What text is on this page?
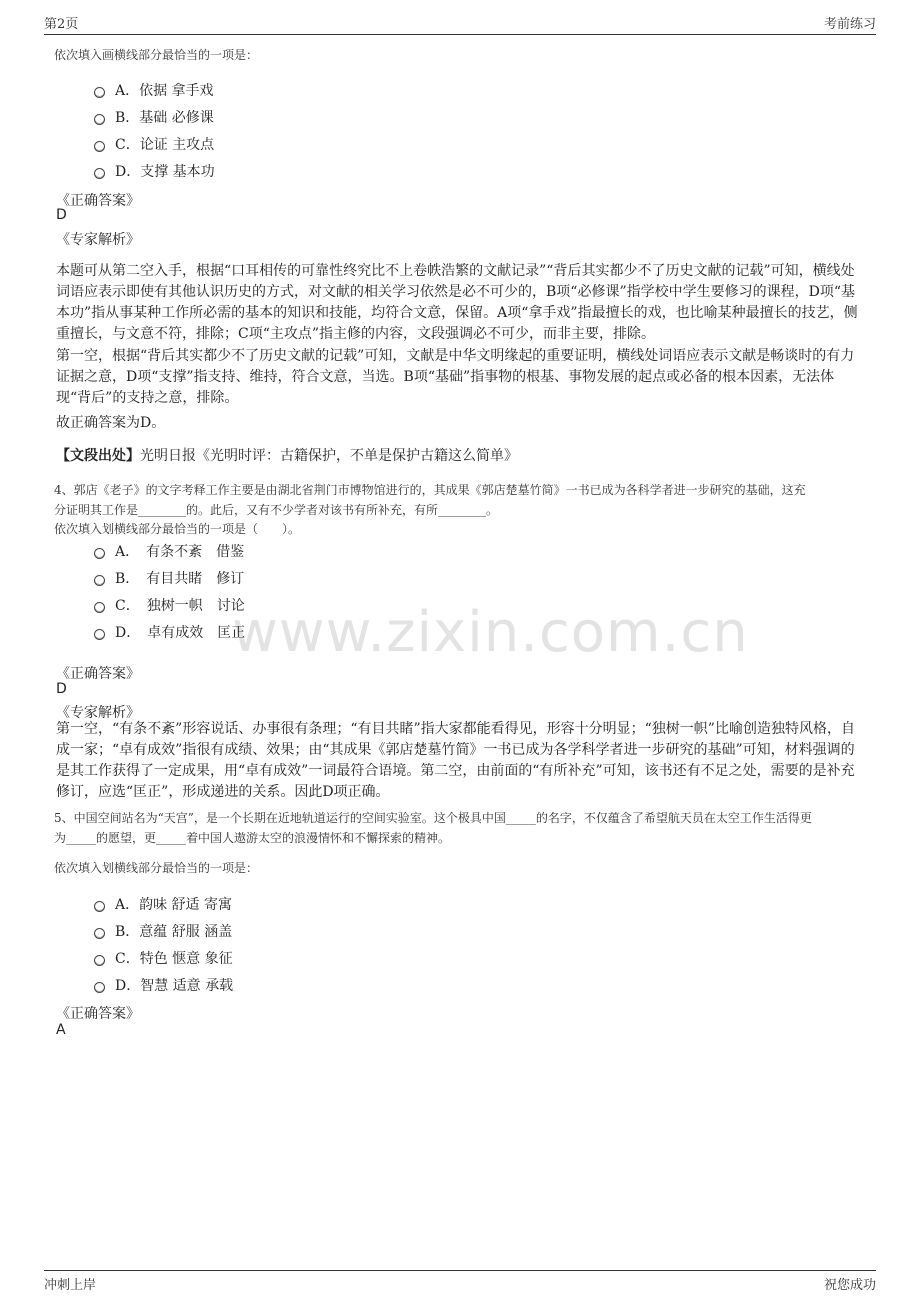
第2页	考前练习
www.zixin.com.cn
依次填入画横线部分最恰当的一项是：
A．依据 拿手戏
B．基础 必修课
C．论证 主攻点
D．支撑 基本功
《正确答案》
D
《专家解析》
本题可从第二空入手，根据“口耳相传的可靠性终究比不上卷帙浩繁的文献记录”“背后其实都少不了历史文献的记载”可知，横线处词语应表示即使有其他认识历史的方式，对文献的相关学习依然是必不可少的，B项“必修课”指学校中学生要修习的课程，D项“基本功”指从事某种工作所必需的基本的知识和技能，均符合文意，保留。A项“拿手戏”指最擅长的戏，也比喻某种最擅长的技艺，侧重擅长，与文意不符，排除；C项“主攻点”指主修的内容，文段强调必不可少，而非主要，排除。
第一空，根据“背后其实都少不了历史文献的记载”可知，文献是中华文明缘起的重要证明，横线处词语应表示文献是畅谈时的有力证据之意，D项“支撑”指支持、维持，符合文意，当选。B项“基础”指事物的根基、事物发展的起点或必备的根本因素，无法体现“背后”的支持之意，排除。
故正确答案为D。
【文段出处】光明日报《光明时评：古籍保护，不单是保护古籍这么简单》

4、郭店《老子》的文字考释工作主要是由湖北省荆门市博物馆进行的，其成果《郭店楚墓竹简》一书已成为各科学者进一步研究的基础，这充

分证明其工作是________的。此后，又有不少学者对该书有所补充，有所________。

依次填入划横线部分最恰当的一项是（　　）。
A．　有条不紊　借鉴
B．　有目共睹　修订
C．　独树一帜　讨论
D．　卓有成效　匡正
《正确答案》
D
《专家解析》
第一空，“有条不紊”形容说话、办事很有条理；“有目共睹”指大家都能看得见，形容十分明显；“独树一帜”比喻创造独特风格，自成一家；“卓有成效”指很有成绩、效果；由“其成果《郭店楚墓竹简》一书已成为各学科学者进一步研究的基础”可知，材料强调的是其工作获得了一定成果，用“卓有成效”一词最符合语境。第二空，由前面的“有所补充”可知，该书还有不足之处，需要的是补充修订，应选“匡正”，形成递进的关系。因此D项正确。

5、中国空间站名为“天宫”，是一个长期在近地轨道运行的空间实验室。这个极具中国_____的名字，不仅蕴含了希望航天员在太空工作生活得更

为_____的愿望，更_____着中国人遨游太空的浪漫情怀和不懈探索的精神。

依次填入划横线部分最恰当的一项是：
A．韵味 舒适 寄寓
B．意蕴 舒服 涵盖
C．特色 惬意 象征
D．智慧 适意 承载
《正确答案》
A
冲刺上岸	祝您成功
